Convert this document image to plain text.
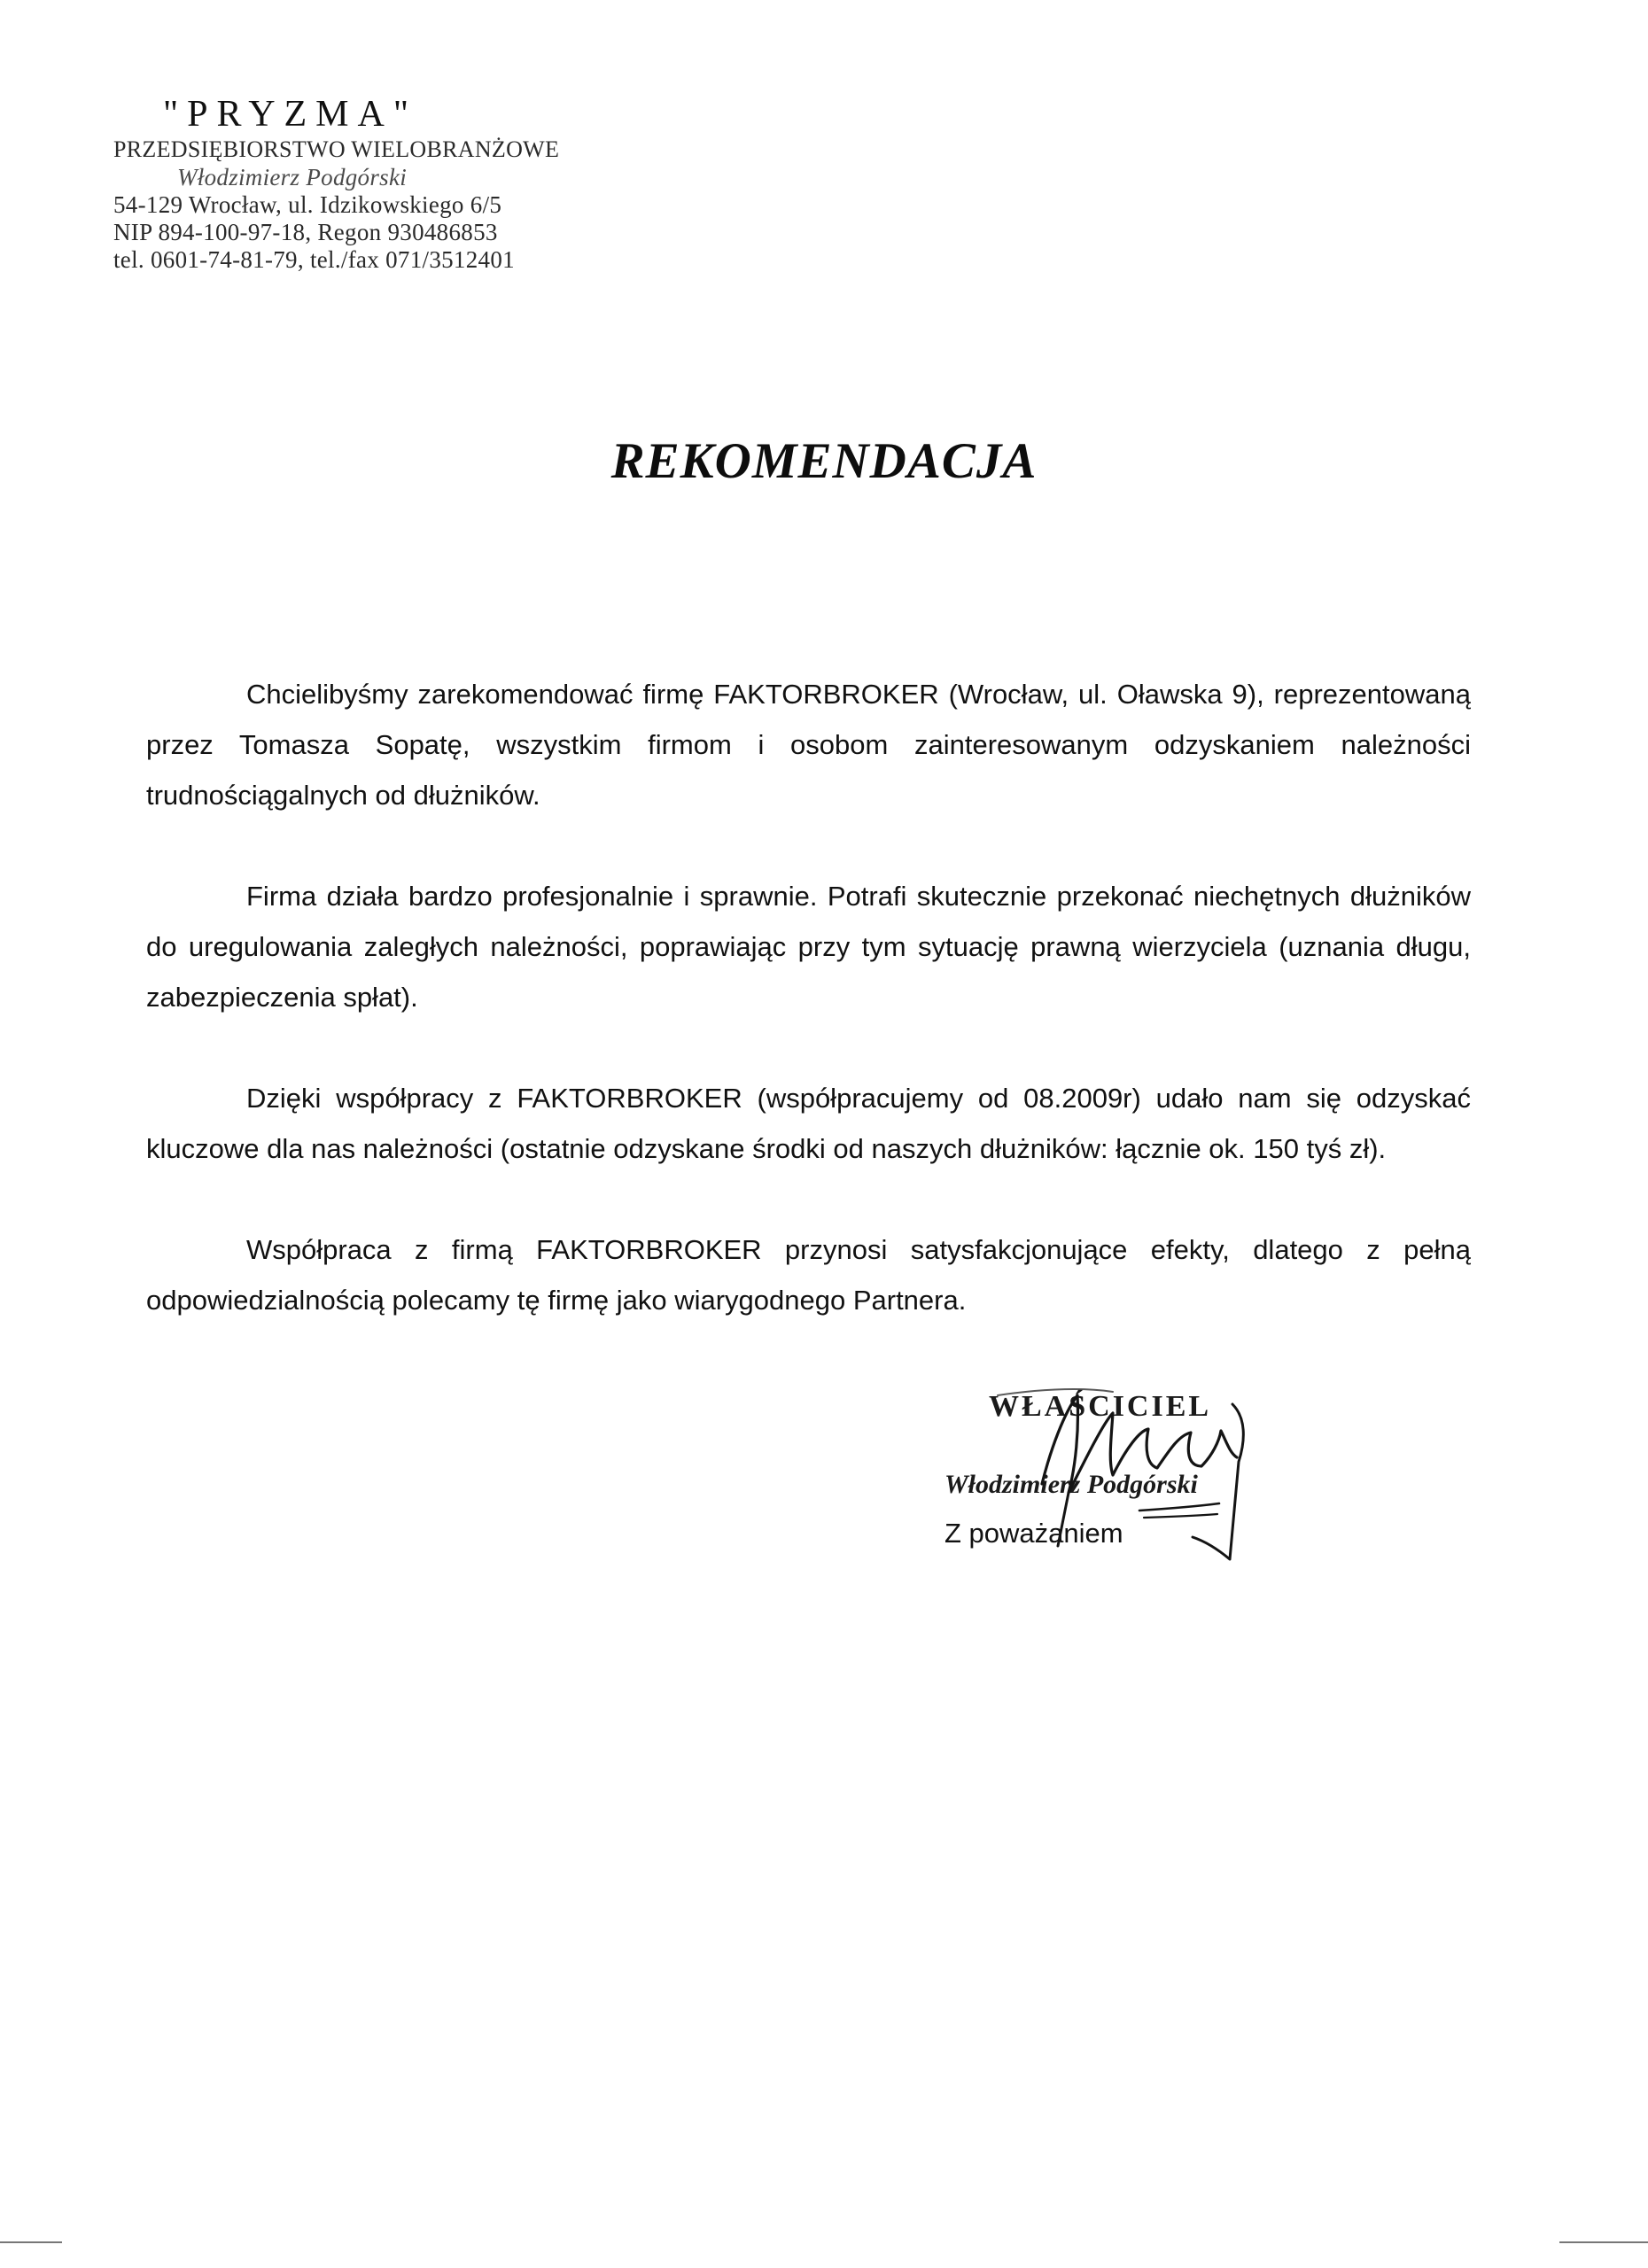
"PRYZMA"
PRZEDSIĘBIORSTWO WIELOBRANŻOWE
Włodzimierz Podgórski
54-129 Wrocław, ul. Idzikowskiego 6/5
NIP 894-100-97-18, Regon 930486853
tel. 0601-74-81-79, tel./fax 071/3512401
REKOMENDACJA

Chcielibyśmy zarekomendować firmę FAKTORBROKER (Wrocław, ul. Oławska 9), reprezentowaną przez Tomasza Sopatę, wszystkim firmom i osobom zainteresowanym odzyskaniem należności trudnościągalnych od dłużników.

Firma działa bardzo profesjonalnie i sprawnie. Potrafi skutecznie przekonać niechętnych dłużników do uregulowania zaległych należności, poprawiając przy tym sytuację prawną wierzyciela (uznania długu, zabezpieczenia spłat).

Dzięki współpracy z FAKTORBROKER (współpracujemy od 08.2009r) udało nam się odzyskać kluczowe dla nas należności (ostatnie odzyskane środki od naszych dłużników: łącznie ok. 150 tyś zł).

Współpraca z firmą FAKTORBROKER przynosi satysfakcjonujące efekty, dlatego z pełną odpowiedzialnością polecamy tę firmę jako wiarygodnego Partnera.

WŁAŚCICIEL
Włodzimierz Podgórski
Z poważaniem
